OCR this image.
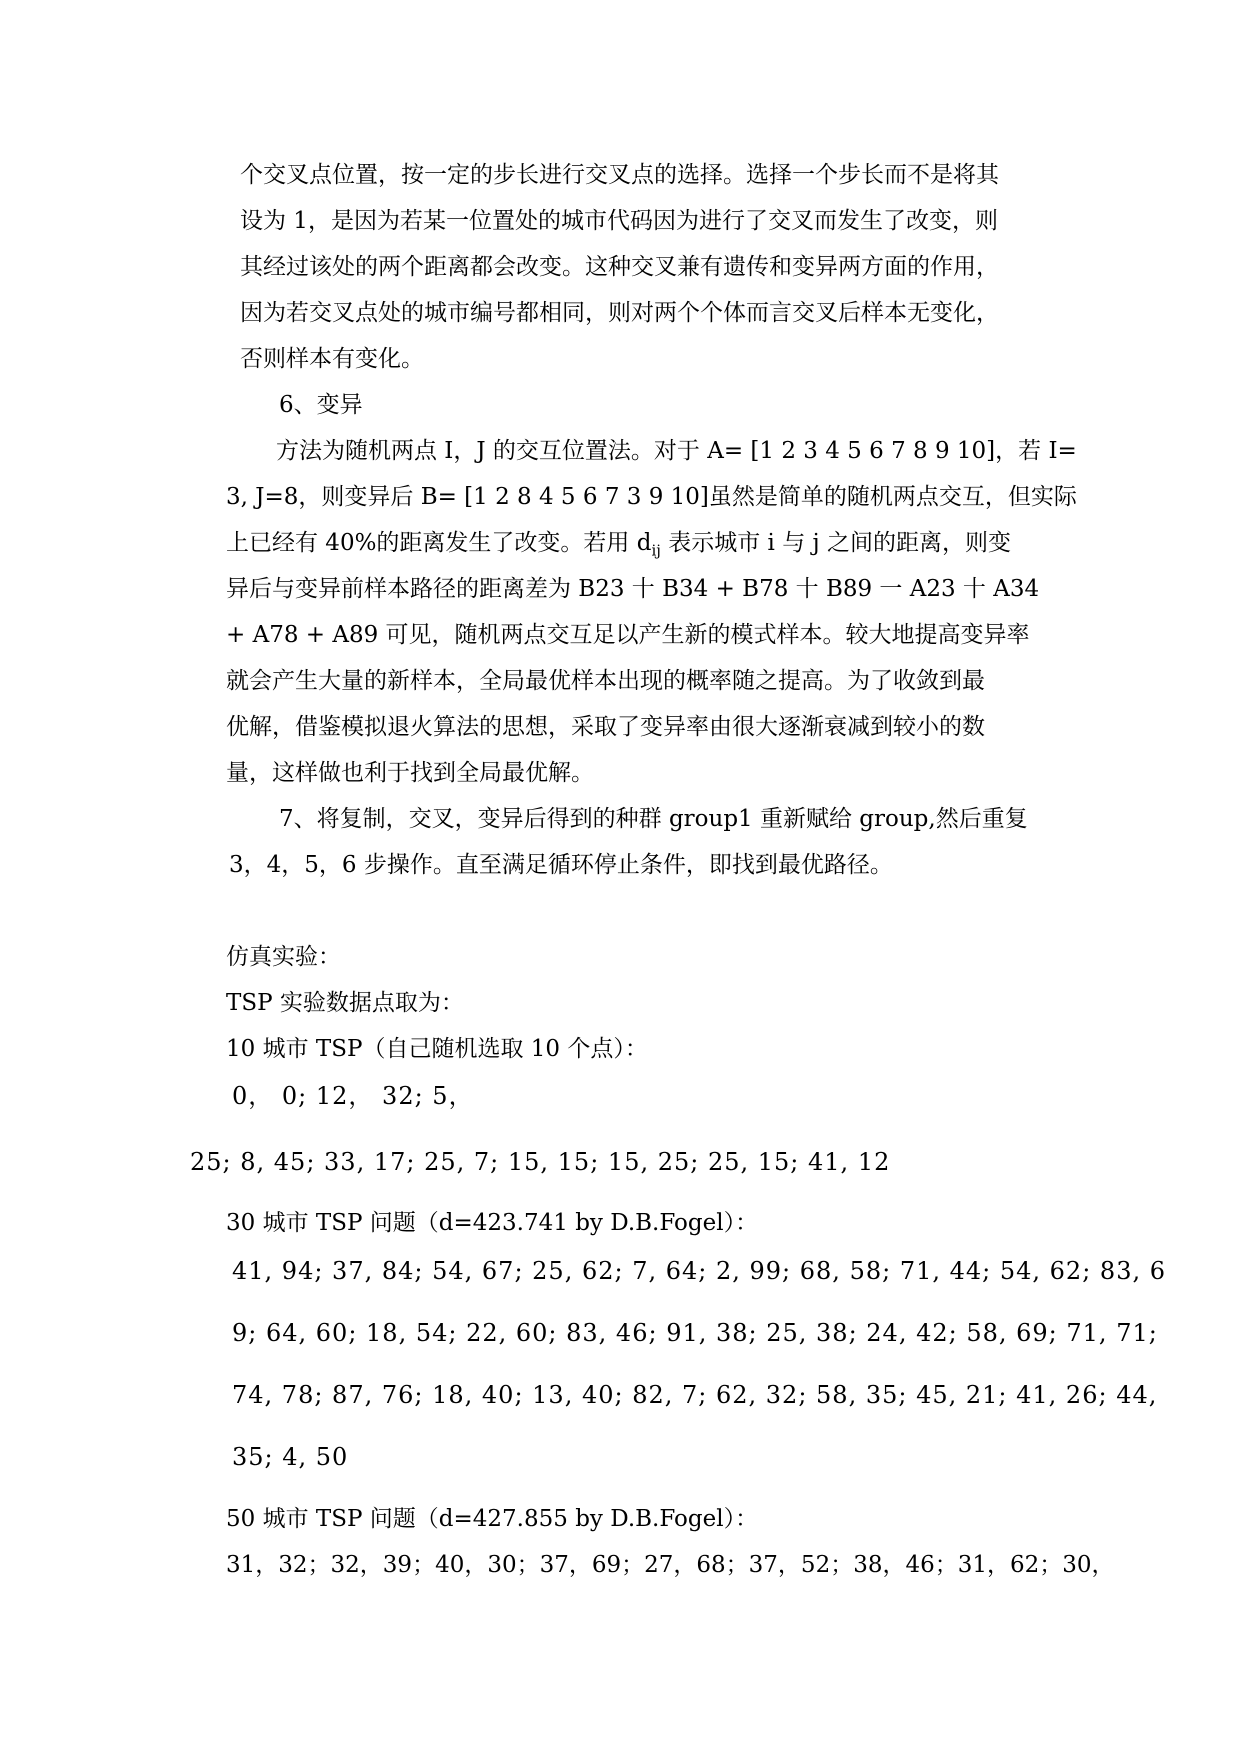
个交叉点位置，按一定的步长进行交叉点的选择。选择一个步长而不是将其
设为 1，是因为若某一位置处的城市代码因为进行了交叉而发生了改变，则
其经过该处的两个距离都会改变。这种交叉兼有遗传和变异两方面的作用，
因为若交叉点处的城市编号都相同，则对两个个体而言交叉后样本无变化，
否则样本有变化。
6、变异
方法为随机两点 I，J 的交互位置法。对于 A= [1 2 3 4 5 6 7 8 9 10]，若 I=
3, J=8，则变异后 B= [1 2 8 4 5 6 7 3 9 10]虽然是简单的随机两点交互，但实际
上已经有 40%的距离发生了改变。若用 $d_{ij}$ 表示城市 i 与 j 之间的距离，则变
异后与变异前样本路径的距离差为 B23 十 B34 + B78 十 B89 一 A23 十 A34
+ A78 + A89 可见，随机两点交互足以产生新的模式样本。较大地提高变异率
就会产生大量的新样本，全局最优样本出现的概率随之提高。为了收敛到最
优解，借鉴模拟退火算法的思想，采取了变异率由很大逐渐衰减到较小的数
量，这样做也利于找到全局最优解。
7、将复制，交叉，变异后得到的种群 group1 重新赋给 group,然后重复
3，4，5，6 步操作。直至满足循环停止条件，即找到最优路径。
仿真实验：
TSP 实验数据点取为：
10 城市 TSP（自己随机选取 10 个点）：
0， 0; 12， 32; 5，
25; 8, 45; 33, 17; 25, 7; 15, 15; 15, 25; 25, 15; 41, 12
30 城市 TSP 问题（d=423.741 by D.B.Fogel）：
41, 94; 37, 84; 54, 67; 25, 62; 7, 64; 2, 99; 68, 58; 71, 44; 54, 62; 83, 6
9; 64, 60; 18, 54; 22, 60; 83, 46; 91, 38; 25, 38; 24, 42; 58, 69; 71, 71;
74, 78; 87, 76; 18, 40; 13, 40; 82, 7; 62, 32; 58, 35; 45, 21; 41, 26; 44,
35; 4, 50
50 城市 TSP 问题（d=427.855 by D.B.Fogel）：
31，32；32，39；40，30；37，69；27，68；37，52；38，46；31，62；30，
